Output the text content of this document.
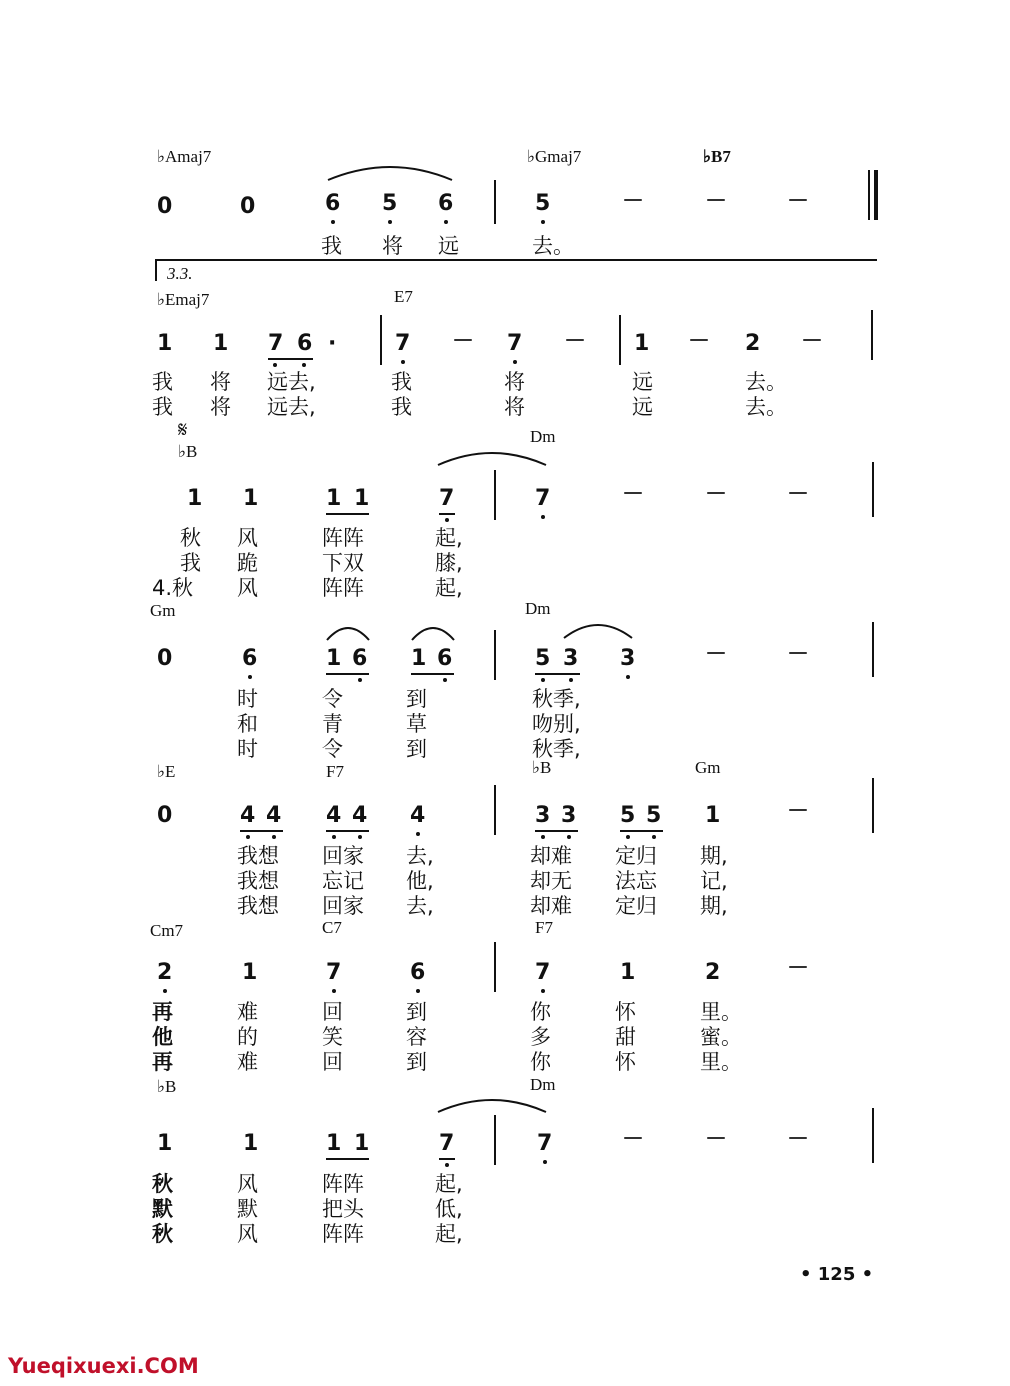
♭Amaj7	♭Gmaj7	♭B7
0	0	6 5 6	5	－	－	－
我 将 远	去。
3.3.
♭Emaj7	E7
1 1 7 6 ·	7 － 7 － 1 － 2 －
我 将 远去,	我	将	远	去。
我 将 远去,	我	将	远	去。
𝄋
♭B
Dm
1 1	1 1	7	7	－	－	－
秋 风	阵阵	起,
我 跪	下双	膝,
4.秋 风	阵阵	起,
Gm	Dm
0	6	1 6 1 6	5 3 3	－	－
时	令	到	秋季,
和	青	草	吻别,
时	令	到	秋季,
♭E	F7	♭B	Gm
0	4 4 4 4 4	3 3 5 5 1	－
我想 回家 去,	却难 定归 期,
我想 忘记 他,	却无 法忘 记,
我想 回家 去,	却难 定归 期,
Cm7	C7	F7
2	1	7	6	7	1	2	－
再	难	回	到	你	怀	里。
他	的	笑	容	多	甜	蜜。
再	难	回	到	你	怀	里。
♭B	Dm
1	1	1 1	7	7	－	－	－
秋	风	阵阵	起,
默	默	把头	低,
秋	风	阵阵	起,
• 125 •
Yueqixuexi.COM
